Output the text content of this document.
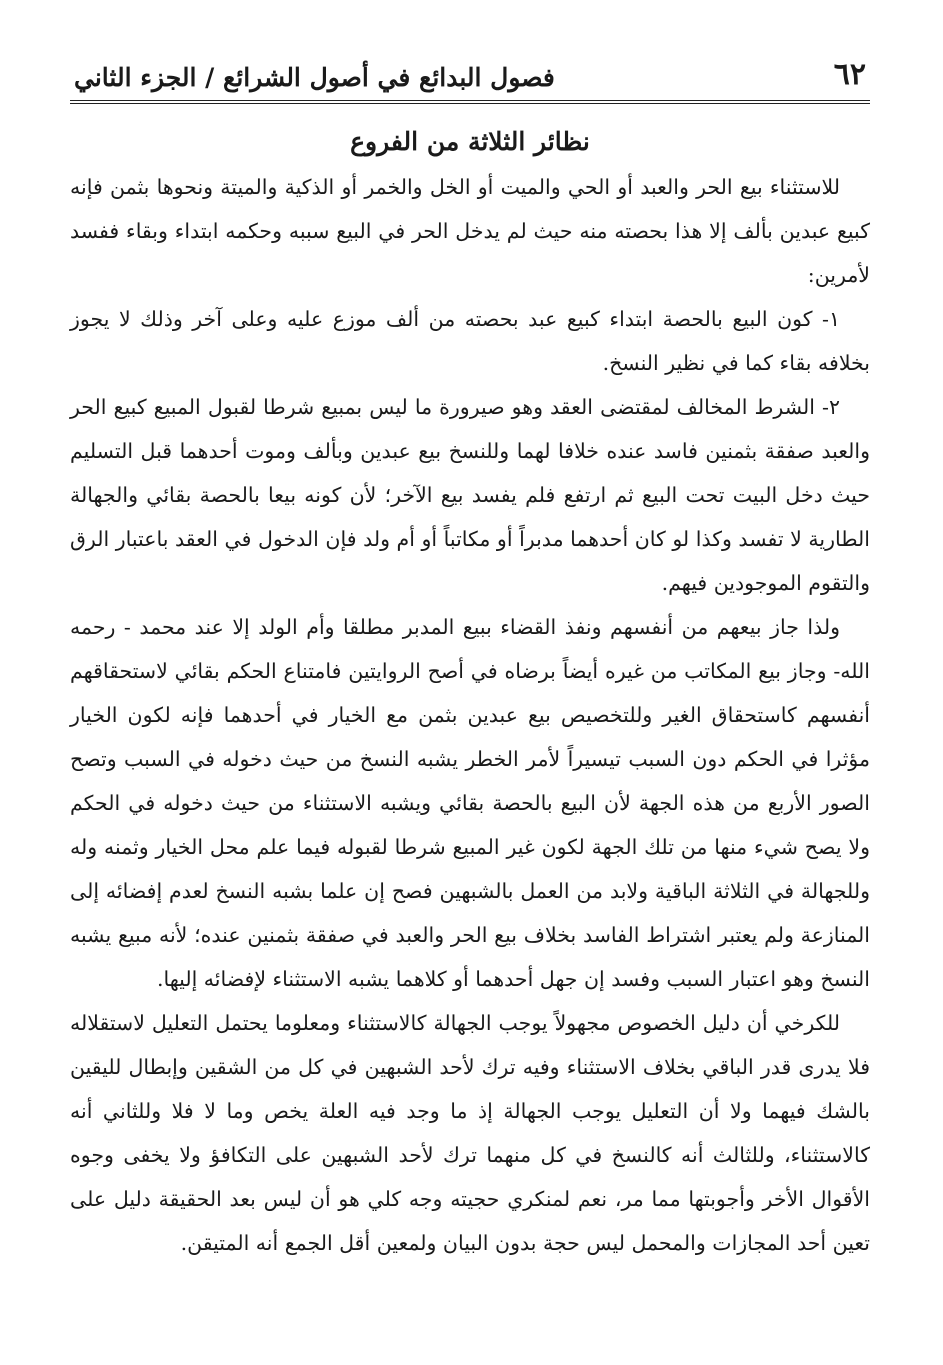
٦٢
فصول البدائع في أصول الشرائع / الجزء الثاني
نظائر الثلاثة من الفروع

للاستثناء بيع الحر والعبد أو الحي والميت أو الخل والخمر أو الذكية والميتة ونحوها بثمن فإنه كبيع عبدين بألف إلا هذا بحصته منه حيث لم يدخل الحر في البيع سببه وحكمه ابتداء وبقاء ففسد لأمرين:

١- كون البيع بالحصة ابتداء كبيع عبد بحصته من ألف موزع عليه وعلى آخر وذلك لا يجوز بخلافه بقاء كما في نظير النسخ.

٢- الشرط المخالف لمقتضى العقد وهو صيرورة ما ليس بمبيع شرطا لقبول المبيع كبيع الحر والعبد صفقة بثمنين فاسد عنده خلافا لهما وللنسخ بيع عبدين وبألف وموت أحدهما قبل التسليم حيث دخل البيت تحت البيع ثم ارتفع فلم يفسد بيع الآخر؛ لأن كونه بيعا بالحصة بقائي والجهالة الطارية لا تفسد وكذا لو كان أحدهما مدبراً أو مكاتباً أو أم ولد فإن الدخول في العقد باعتبار الرق والتقوم الموجودين فيهم.

ولذا جاز بيعهم من أنفسهم ونفذ القضاء ببيع المدبر مطلقا وأم الولد إلا عند محمد - رحمه الله- وجاز بيع المكاتب من غيره أيضاً برضاه في أصح الروايتين فامتناع الحكم بقائي لاستحقاقهم أنفسهم كاستحقاق الغير وللتخصيص بيع عبدين بثمن مع الخيار في أحدهما فإنه لكون الخيار مؤثرا في الحكم دون السبب تيسيراً لأمر الخطر يشبه النسخ من حيث دخوله في السبب وتصح الصور الأربع من هذه الجهة لأن البيع بالحصة بقائي ويشبه الاستثناء من حيث دخوله في الحكم ولا يصح شيء منها من تلك الجهة لكون غير المبيع شرطا لقبوله فيما علم محل الخيار وثمنه وله وللجهالة في الثلاثة الباقية ولابد من العمل بالشبهين فصح إن علما بشبه النسخ لعدم إفضائه إلى المنازعة ولم يعتبر اشتراط الفاسد بخلاف بيع الحر والعبد في صفقة بثمنين عنده؛ لأنه مبيع يشبه النسخ وهو اعتبار السبب وفسد إن جهل أحدهما أو كلاهما يشبه الاستثناء لإفضائه إليها.

للكرخي أن دليل الخصوص مجهولاً يوجب الجهالة كالاستثناء ومعلوما يحتمل التعليل لاستقلاله فلا يدرى قدر الباقي بخلاف الاستثناء وفيه ترك لأحد الشبهين في كل من الشقين وإبطال لليقين بالشك فيهما ولا أن التعليل يوجب الجهالة إذ ما وجد فيه العلة يخص وما لا فلا وللثاني أنه كالاستثناء، وللثالث أنه كالنسخ في كل منهما ترك لأحد الشبهين على التكافؤ ولا يخفى وجوه الأقوال الأخر وأجوبتها مما مر، نعم لمنكري حجيته وجه كلي هو أن ليس بعد الحقيقة دليل على تعين أحد المجازات والمحمل ليس حجة بدون البيان ولمعين أقل الجمع أنه المتيقن.
